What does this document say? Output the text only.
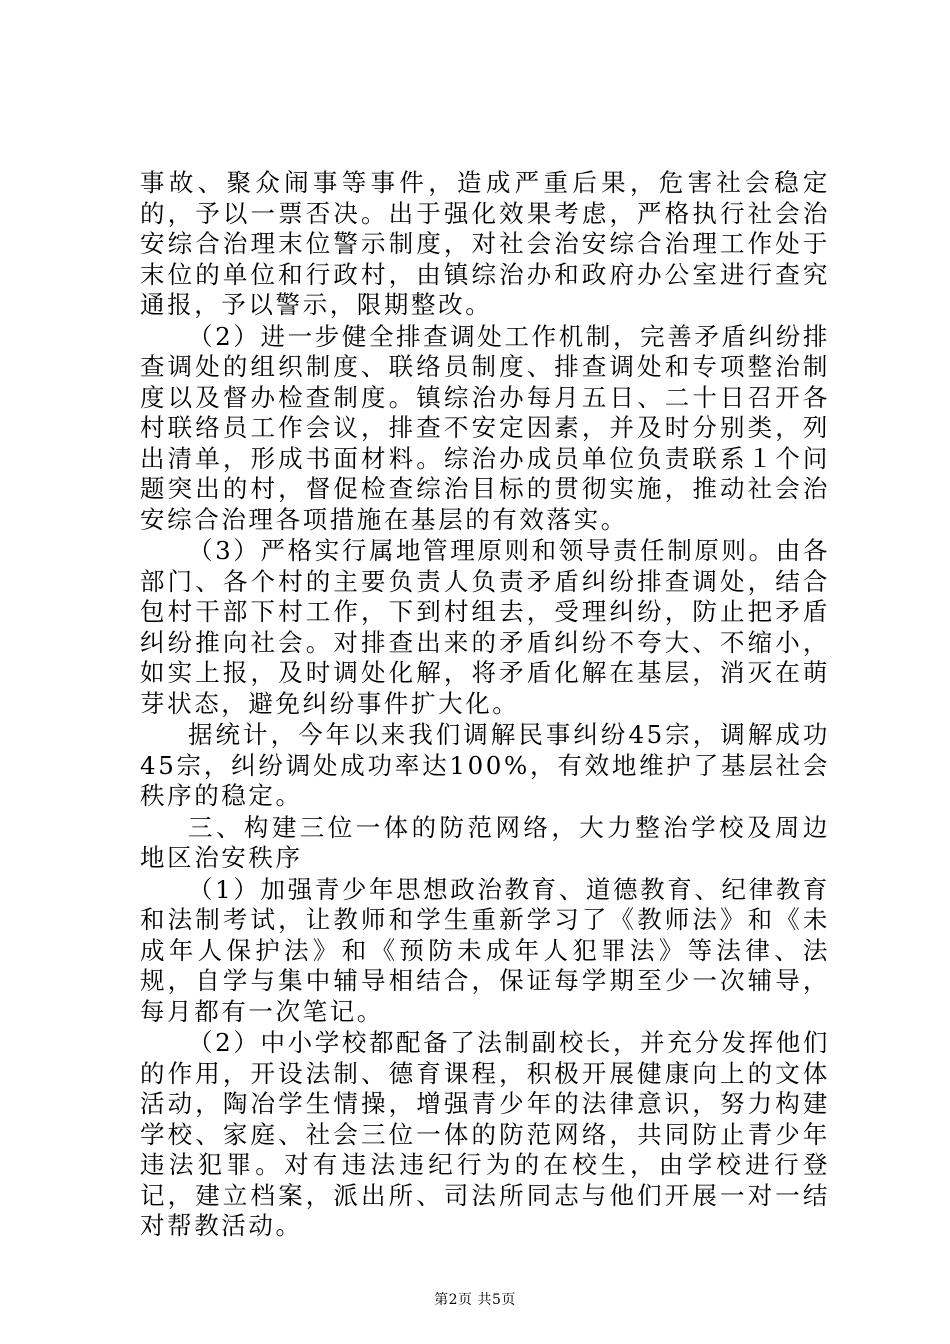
事故、聚众闹事等事件，造成严重后果，危害社会稳定的，予以一票否决。出于强化效果考虑，严格执行社会治安综合治理末位警示制度，对社会治安综合治理工作处于末位的单位和行政村，由镇综治办和政府办公室进行查究通报，予以警示，限期整改。

（2）进一步健全排查调处工作机制，完善矛盾纠纷排查调处的组织制度、联络员制度、排查调处和专项整治制度以及督办检查制度。镇综治办每月五日、二十日召开各村联络员工作会议，排查不安定因素，并及时分别类，列出清单，形成书面材料。综治办成员单位负责联系１个问题突出的村，督促检查综治目标的贯彻实施，推动社会治安综合治理各项措施在基层的有效落实。

（3）严格实行属地管理原则和领导责任制原则。由各部门、各个村的主要负责人负责矛盾纠纷排查调处，结合包村干部下村工作，下到村组去，受理纠纷，防止把矛盾纠纷推向社会。对排查出来的矛盾纠纷不夸大、不缩小，如实上报，及时调处化解，将矛盾化解在基层，消灭在萌芽状态，避免纠纷事件扩大化。

据统计，今年以来我们调解民事纠纷45宗，调解成功45宗，纠纷调处成功率达100%，有效地维护了基层社会秩序的稳定。

三、构建三位一体的防范网络，大力整治学校及周边地区治安秩序

（1）加强青少年思想政治教育、道德教育、纪律教育和法制考试，让教师和学生重新学习了《教师法》和《未成年人保护法》和《预防未成年人犯罪法》等法律、法规，自学与集中辅导相结合，保证每学期至少一次辅导，每月都有一次笔记。

（2）中小学校都配备了法制副校长，并充分发挥他们的作用，开设法制、德育课程，积极开展健康向上的文体活动，陶冶学生情操，增强青少年的法律意识，努力构建学校、家庭、社会三位一体的防范网络，共同防止青少年违法犯罪。对有违法违纪行为的在校生，由学校进行登记，建立档案，派出所、司法所同志与他们开展一对一结对帮教活动。

第2页 共5页
